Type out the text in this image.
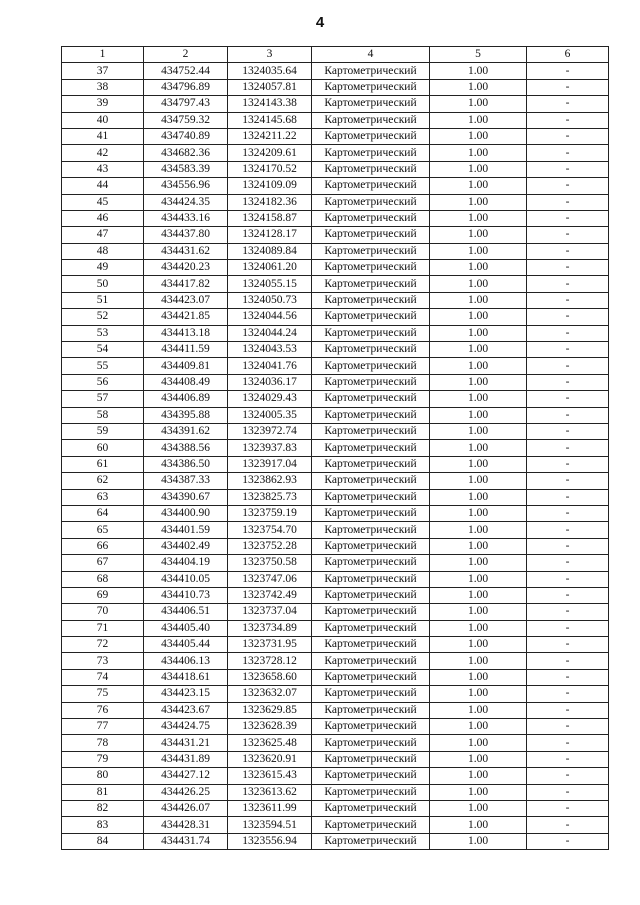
4
1	2	3	4	5	6
37	434752.44	1324035.64	Картометрический	1.00	-
38	434796.89	1324057.81	Картометрический	1.00	-
39	434797.43	1324143.38	Картометрический	1.00	-
40	434759.32	1324145.68	Картометрический	1.00	-
41	434740.89	1324211.22	Картометрический	1.00	-
42	434682.36	1324209.61	Картометрический	1.00	-
43	434583.39	1324170.52	Картометрический	1.00	-
44	434556.96	1324109.09	Картометрический	1.00	-
45	434424.35	1324182.36	Картометрический	1.00	-
46	434433.16	1324158.87	Картометрический	1.00	-
47	434437.80	1324128.17	Картометрический	1.00	-
48	434431.62	1324089.84	Картометрический	1.00	-
49	434420.23	1324061.20	Картометрический	1.00	-
50	434417.82	1324055.15	Картометрический	1.00	-
51	434423.07	1324050.73	Картометрический	1.00	-
52	434421.85	1324044.56	Картометрический	1.00	-
53	434413.18	1324044.24	Картометрический	1.00	-
54	434411.59	1324043.53	Картометрический	1.00	-
55	434409.81	1324041.76	Картометрический	1.00	-
56	434408.49	1324036.17	Картометрический	1.00	-
57	434406.89	1324029.43	Картометрический	1.00	-
58	434395.88	1324005.35	Картометрический	1.00	-
59	434391.62	1323972.74	Картометрический	1.00	-
60	434388.56	1323937.83	Картометрический	1.00	-
61	434386.50	1323917.04	Картометрический	1.00	-
62	434387.33	1323862.93	Картометрический	1.00	-
63	434390.67	1323825.73	Картометрический	1.00	-
64	434400.90	1323759.19	Картометрический	1.00	-
65	434401.59	1323754.70	Картометрический	1.00	-
66	434402.49	1323752.28	Картометрический	1.00	-
67	434404.19	1323750.58	Картометрический	1.00	-
68	434410.05	1323747.06	Картометрический	1.00	-
69	434410.73	1323742.49	Картометрический	1.00	-
70	434406.51	1323737.04	Картометрический	1.00	-
71	434405.40	1323734.89	Картометрический	1.00	-
72	434405.44	1323731.95	Картометрический	1.00	-
73	434406.13	1323728.12	Картометрический	1.00	-
74	434418.61	1323658.60	Картометрический	1.00	-
75	434423.15	1323632.07	Картометрический	1.00	-
76	434423.67	1323629.85	Картометрический	1.00	-
77	434424.75	1323628.39	Картометрический	1.00	-
78	434431.21	1323625.48	Картометрический	1.00	-
79	434431.89	1323620.91	Картометрический	1.00	-
80	434427.12	1323615.43	Картометрический	1.00	-
81	434426.25	1323613.62	Картометрический	1.00	-
82	434426.07	1323611.99	Картометрический	1.00	-
83	434428.31	1323594.51	Картометрический	1.00	-
84	434431.74	1323556.94	Картометрический	1.00	-
